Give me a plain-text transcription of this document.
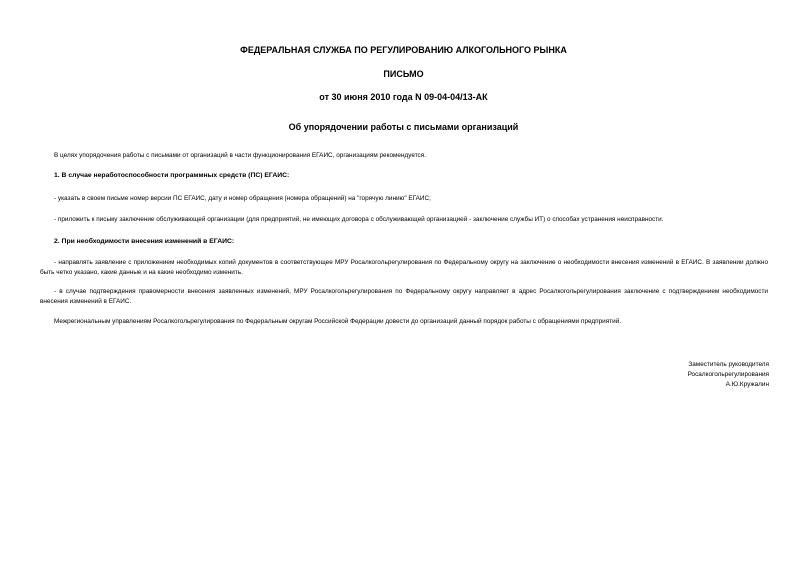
ФЕДЕРАЛЬНАЯ СЛУЖБА ПО РЕГУЛИРОВАНИЮ АЛКОГОЛЬНОГО РЫНКА
ПИСЬМО
от 30 июня 2010 года N 09-04-04/13-АК
Об упорядочении работы с письмами организаций
В целях упорядочения работы с письмами от организаций в части функционирования ЕГАИС, организациям рекомендуется.
1. В случае неработоспособности программных средств (ПС) ЕГАИС:
- указать в своем письме номер версии ПС ЕГАИС, дату и номер обращения (номера обращений) на "горячую линию" ЕГАИС;
- приложить к письму заключение обслуживающей организации (для предприятий, не имеющих договора с обслуживающей организацией - заключение службы ИТ) о способах устранения неисправности.
2. При необходимости внесения изменений в ЕГАИС:
- направлять заявление с приложением необходимых копий документов в соответствующее МРУ Росалкогольрегулирования по Федеральному округу на заключение о необходимости внесения изменений в ЕГАИС. В заявлении должно быть четко указано, какие данные и на какие необходимо изменить.
- в случае подтверждения правомерности внесения заявленных изменений, МРУ Росалкогольрегулирования по Федеральному округу направляет в адрес Росалкогольрегулирования заключение с подтверждением необходимости внесения изменений в ЕГАИС.
Межрегиональным управлениям Росалкогольрегулирования по Федеральным округам Российской Федерации довести до организаций данный порядок работы с обращениями предприятий.
Заместитель руководителя
Росалкогольрегулирования
А.Ю.Кружалин
